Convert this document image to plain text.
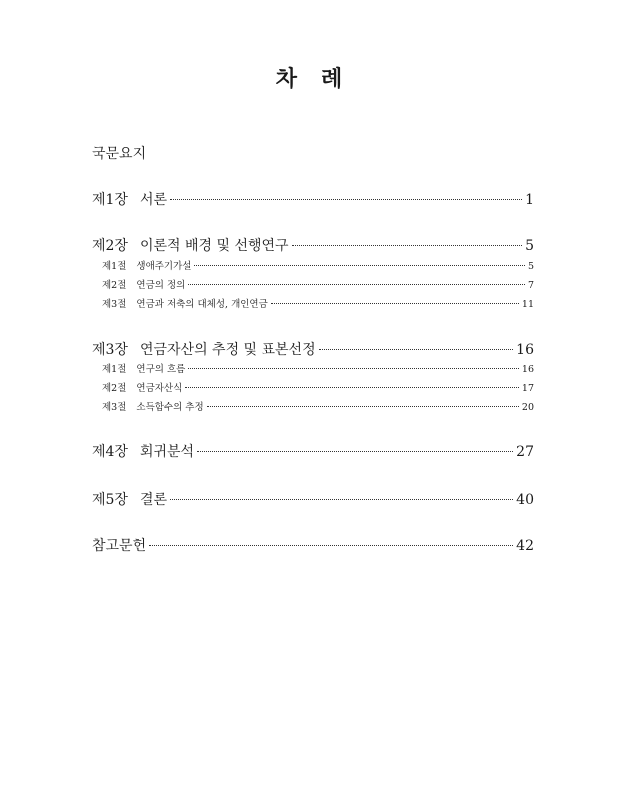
차 례
국문요지
제1장 서론	1
제2장 이론적 배경 및 선행연구	5
제1절 생애주기가설	5
제2절 연금의 정의	7
제3절 연금과 저축의 대체성, 개인연금	11
제3장 연금자산의 추정 및 표본선정	16
제1절 연구의 흐름	16
제2절 연금자산식	17
제3절 소득함수의 추정	20
제4장 회귀분석	27
제5장 결론	40
참고문헌	42
